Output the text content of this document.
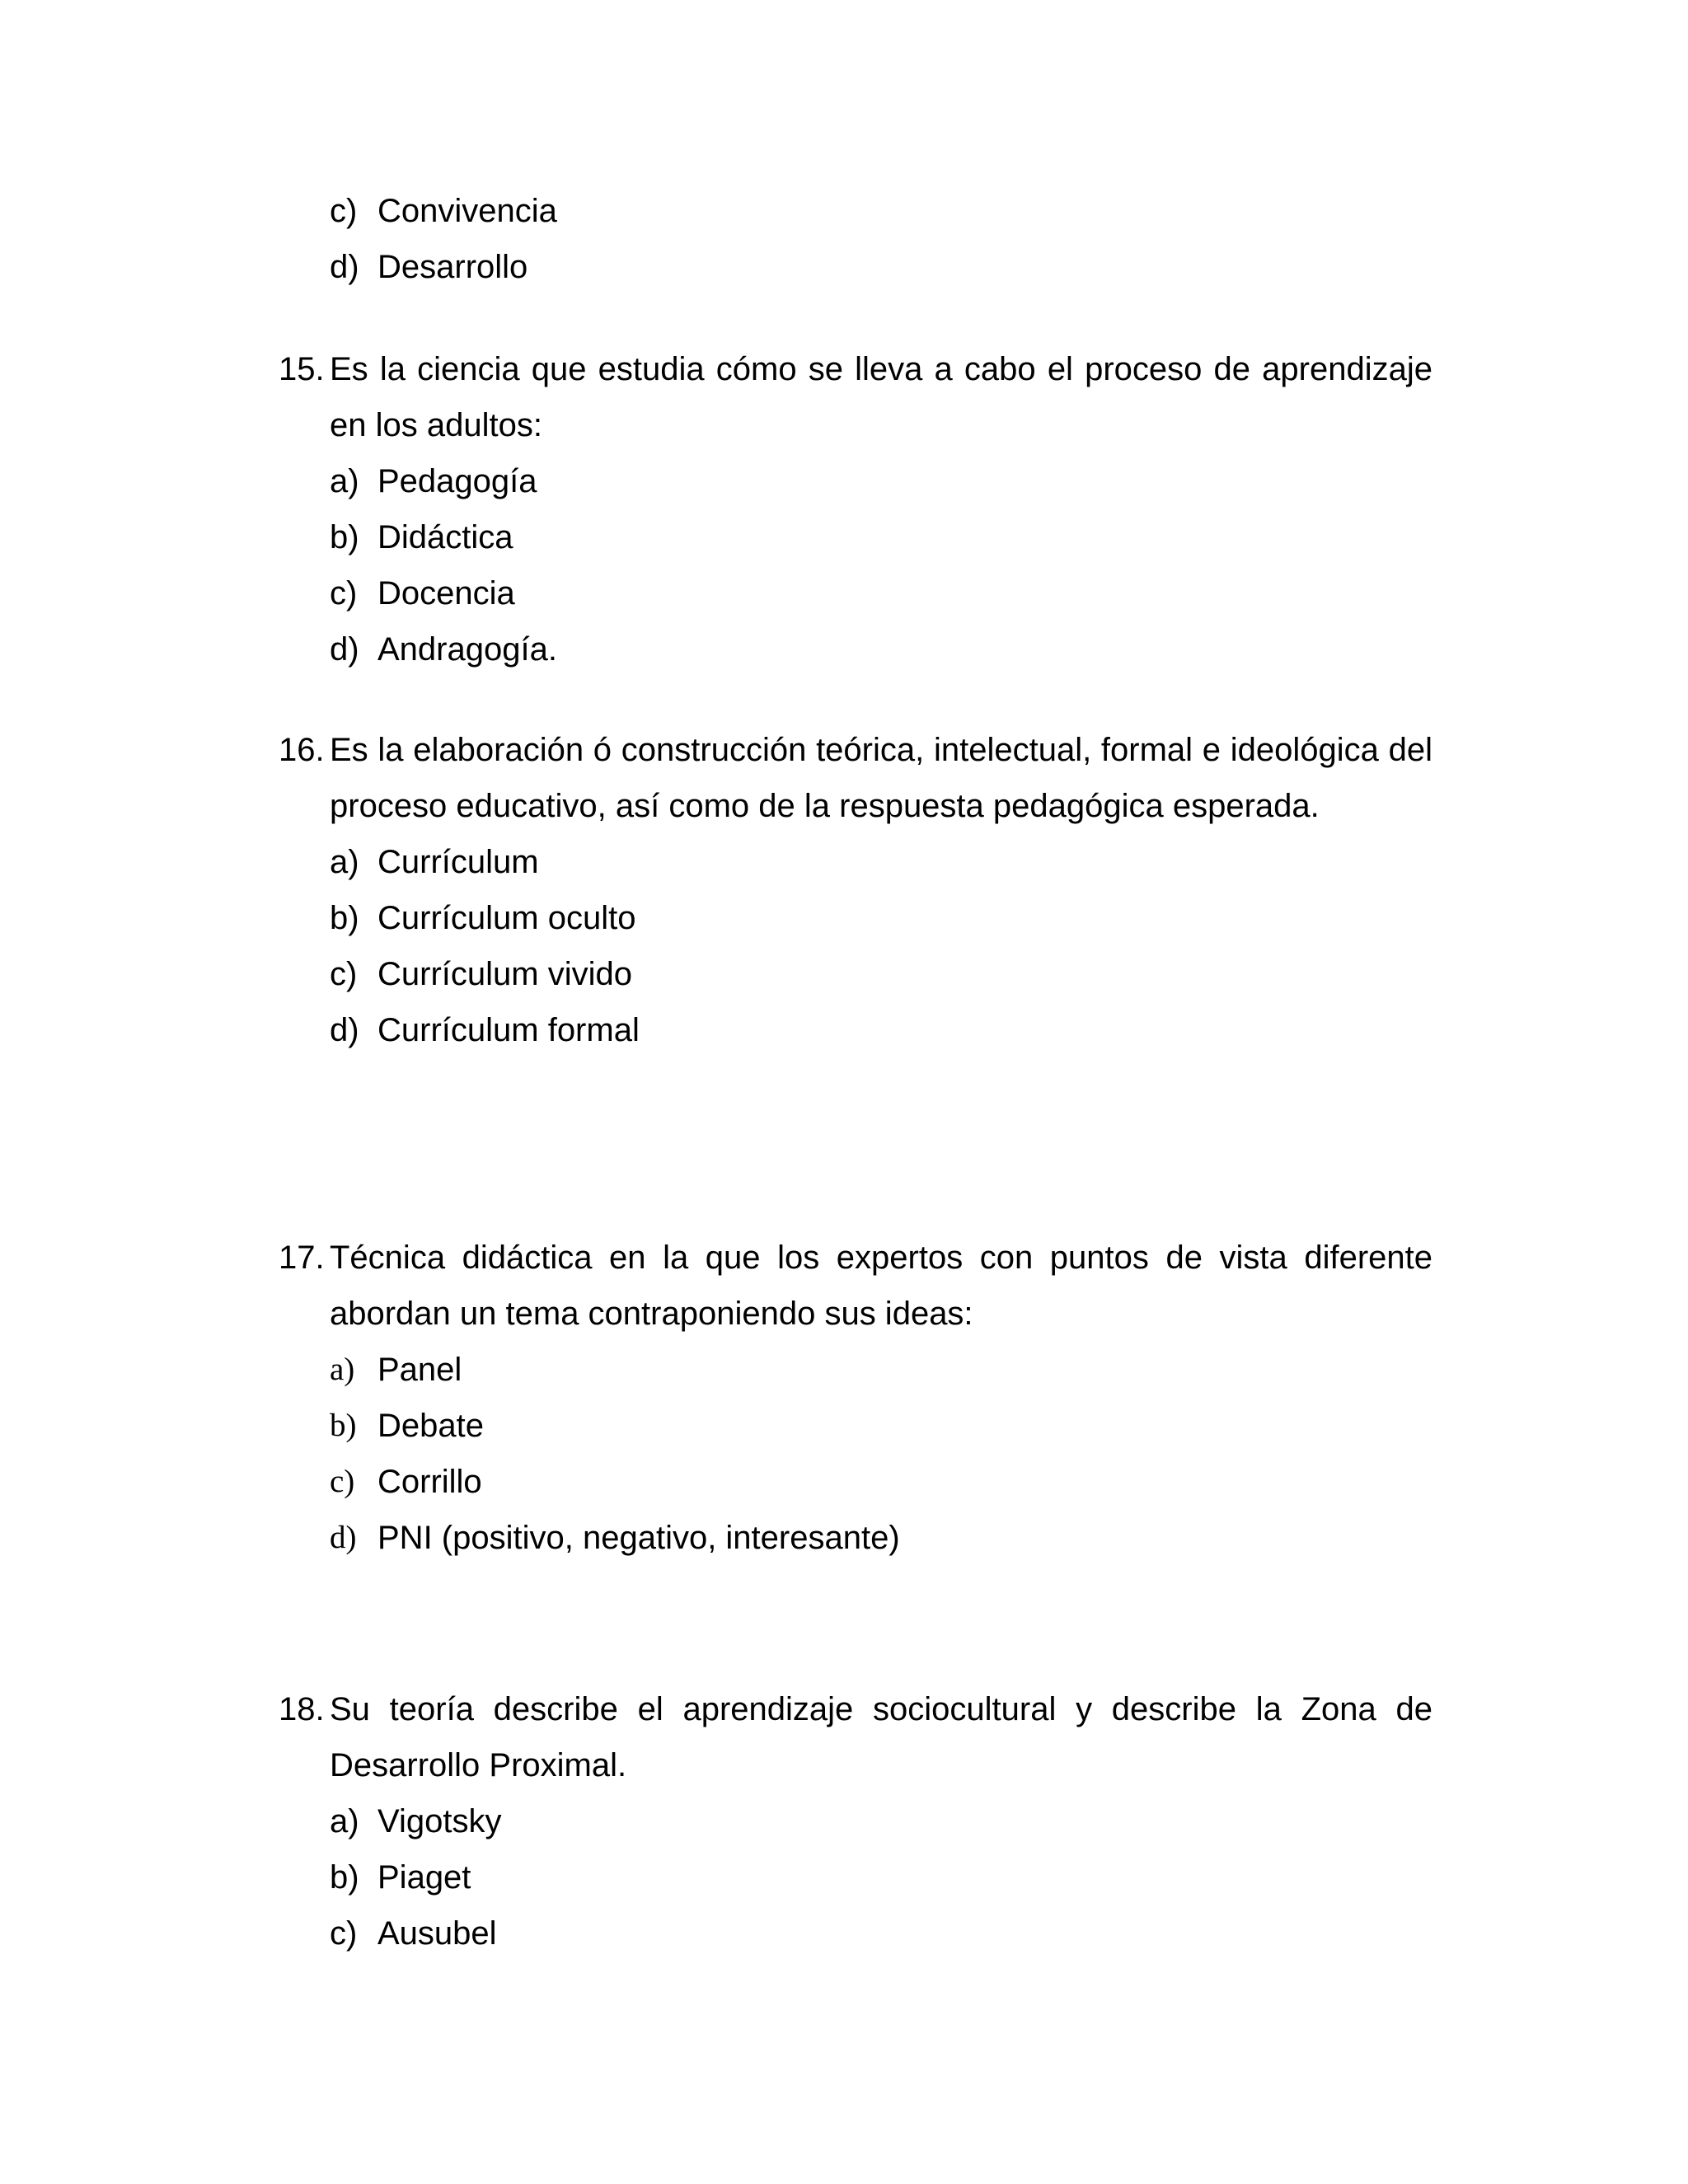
c) Convivencia
d) Desarrollo
15. Es la ciencia que estudia cómo se lleva a cabo el proceso de aprendizaje
en los adultos:
a) Pedagogía
b) Didáctica
c) Docencia
d) Andragogía.
16. Es la elaboración ó construcción teórica, intelectual, formal e ideológica del
proceso educativo, así como de la respuesta pedagógica esperada.
a) Currículum
b) Currículum oculto
c) Currículum vivido
d) Currículum formal
17. Técnica didáctica en la que los expertos con puntos de vista diferente
abordan un tema contraponiendo sus ideas:
a) Panel
b) Debate
c) Corrillo
d) PNI (positivo, negativo, interesante)
18. Su teoría describe el aprendizaje sociocultural y describe la Zona de
Desarrollo Proximal.
a) Vigotsky
b) Piaget
c) Ausubel
